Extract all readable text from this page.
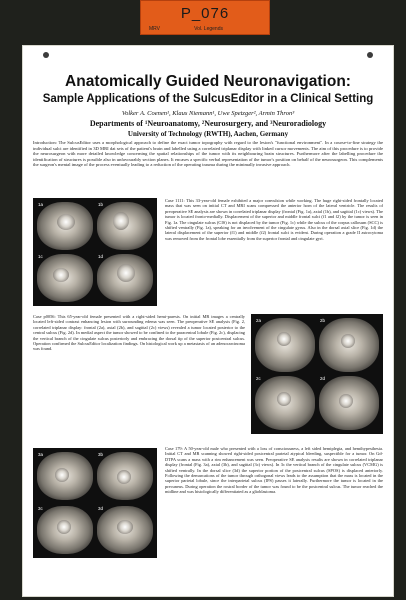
P_076
MRV	Vol. Legends
Anatomically Guided Neuronavigation:
Sample Applications of the SulcusEditor in a Clinical Setting
Volker A. Coenen¹, Klaus Niemann¹, Uwe Spetzger², Armin Thron³
Departments of ¹Neuroanatomy, ²Neurosurgery, and ³Neuroradiology
University of Technology (RWTH), Aachen, Germany
Introduction: The SulcusEditor uses a morphological approach to define the exact tumor topography with regard to the lesion's "functional environment". In a course-to-fine strategy the individual sulci are identified in 3D MRI dat sets of the patient's brain and labelled using a correlated triplanar display with linked cursor movements. The aim of this procedure is to provide the neurosurgeon with more detailed knowledge concerning the spatial relationships of the tumor with its neighbouring brain structures. Furthermore after the labelling procedure the identification of structures is possible also in unfavourably section planes. It encases a specific verbal representation of the tumor's position on behalf of the neurosurgeon. This complements the surgeon's mental image of the process eventually leading to a reduction of the operating trauma during the minimally invasive approach.
1a	1b
1c	1d
Case 1111: This 33-year-old female exhibited a major convulsion while working. The huge right-sided frontally located mass that was seen on initial CT and MRI scans compressed the anterior horn of the lateral ventricle. The results of preoperative SE analysis are shown in correlated triplanar display (frontal (Fig. 1a), axial (1b), and sagittal (1c) views). The tumor is located fronto-medially. Displacement of the superior and middle frontal sulci (f1 and f2) by the tumor is seen in Fig. 1a. The cingulate sulcus (CIS) is not displaced by the tumor (Fig. 1c) while the sulcus of the corpus callosum (SCC) is shifted ventrally (Fig. 1a), speaking for an involvement of the cingulate gyrus. Also in the dorsal axial slice (Fig. 1d) the lateral displacement of the superior (f1) and middle (f2) frontal sulci is evident. During operation a grade II astrocytoma was removed from the frontal lobe essentially from the superior frontal and cingulate gyri.
2a	2b
2c	2d
Case p0056: This 65-year-old female presented with a right-sided hemi-paresis. On initial MR images a centrally located left-sided contrast enhancing lesion with surrounding edema was seen. The preoperative SE analysis (Fig. 2, correlated triplanar display: frontal (2a), axial (2b), and sagittal (2c) views) revealed a tumor located posterior to the central sulcus (Fig. 2d). In medial aspect the tumor showed to be confined to the paracentral lobule (Fig. 2c), displacing the vertical branch of the cingulate sulcus posteriorly and embracing the dorsal tip of the superior postcentral sulcus. Operation confirmed the SulcusEditor localization findings. On histological work up a metastasis of an adenocarcinoma was found.
3a	3b
3c	3d
Case 179: A 50-year-old male who presented with a loss of consciousness, a left sided hemiplegia, and hemihypesthesia. Initial CT and MR scanning showed right-sided postcentral parietal atypical bleeding, suspectible for a tumor. On Gd-DTPA scans a mass with a rim enhancement was seen. Preoperative SE analysis results are shown in correlated triplanar display (frontal (Fig. 3a), axial (3b), and sagittal (3c) views). In 3c the vertical branch of the cingulate sulcus (VCMG) is shifted ventrally. In the dorsal slice (3d) the superior portion of the postcentral sulcus (SPOS) is displaced anteriorly. Following the demarcations of the tumor through orthogonal views leads to the assumption that the mass is located in the superior parietal lobule, since the interparietal sulcus (IPS) passes it laterally. Furthermore the tumor is located in the precuneus. During operation the rostral border of the tumor was found to be the postcentral sulcus. The tumor reached the midline and was histologically differentiated as a glioblastoma.
